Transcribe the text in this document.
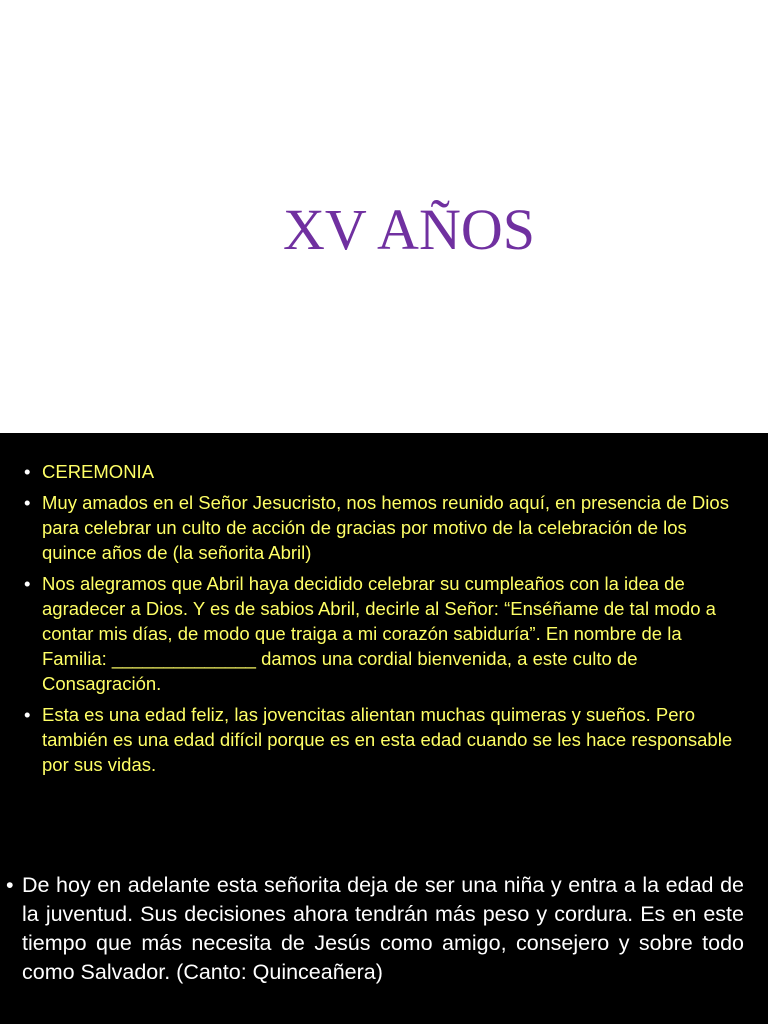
XV AÑOS
• CEREMONIA
• Muy amados en el Señor Jesucristo, nos hemos reunido aquí, en presencia de Dios para celebrar un culto de acción de gracias por motivo de la celebración de los quince años de (la señorita Abril)
• Nos alegramos que Abril haya decidido celebrar su cumpleaños con la idea de agradecer a Dios. Y es de sabios Abril, decirle al Señor: “Enséñame de tal modo a contar mis días, de modo que traiga a mi corazón sabiduría”. En nombre de la Familia: ______________ damos una cordial bienvenida, a este culto de Consagración.
• Esta es una edad feliz, las jovencitas alientan muchas quimeras y sueños. Pero también es una edad difícil porque es en esta edad cuando se les hace responsable por sus vidas.

• De hoy en adelante esta señorita deja de ser una niña y entra a la edad de la juventud. Sus decisiones ahora tendrán más peso y cordura. Es en este tiempo que más necesita de Jesús como amigo, consejero y sobre todo como Salvador. (Canto: Quinceañera)
